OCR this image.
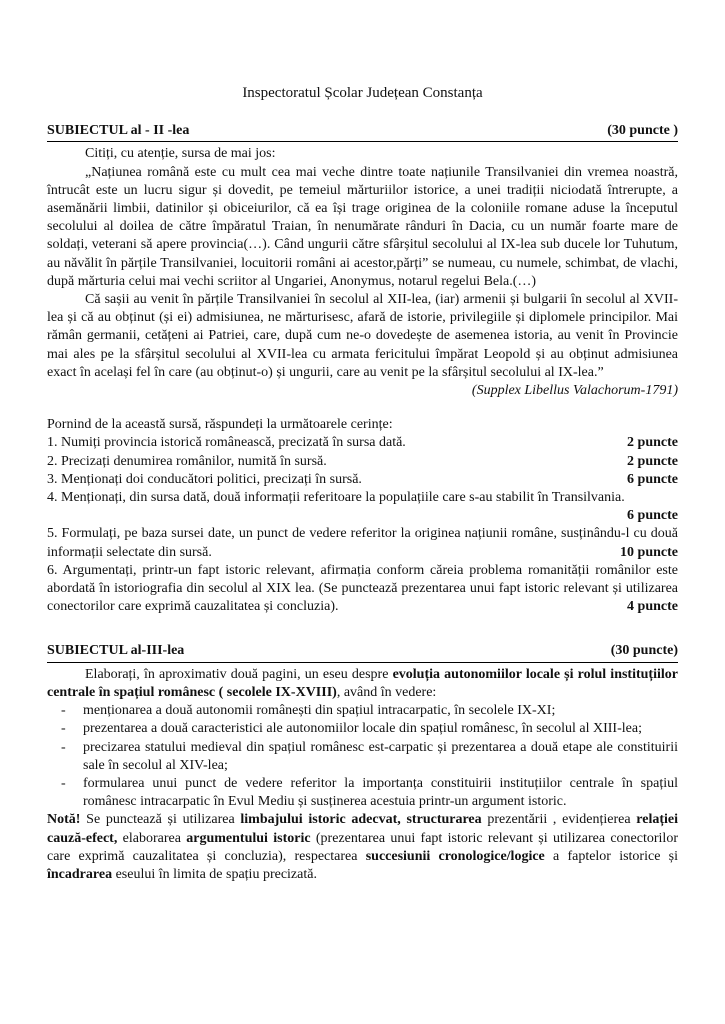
Inspectoratul Școlar Județean Constanța
SUBIECTUL al - II -lea	(30 puncte )

Citiți, cu atenție, sursa de mai jos:

„Națiunea română este cu mult cea mai veche dintre toate națiunile Transilvaniei din vremea noastră, întrucât este un lucru sigur și dovedit, pe temeiul mărturiilor istorice, a unei tradiții niciodată întrerupte, a asemănării limbii, datinilor și obiceiurilor, că ea își trage originea de la coloniile romane aduse la începutul secolului al doilea de către împăratul Traian, în nenumărate rânduri în Dacia, cu un număr foarte mare de soldați, veterani să apere provincia(…). Când ungurii către sfârșitul secolului al IX-lea sub ducele lor Tuhutum, au năvălit în părțile Transilvaniei, locuitorii români ai acestor,părți” se numeau, cu numele, schimbat, de vlachi, după mărturia celui mai vechi scriitor al Ungariei, Anonymus, notarul regelui Bela.(…)

Că sașii au venit în părțile Transilvaniei în secolul al XII-lea, (iar) armenii și bulgarii în secolul al XVII-lea și că au obținut (și ei) admisiunea, ne mărturisesc, afară de istorie, privilegiile și diplomele principilor. Mai rămân germanii, cetățeni ai Patriei, care, după cum ne-o dovedește de asemenea istoria, au venit în Provincie mai ales pe la sfârșitul secolului al XVII-lea cu armata fericitului împărat Leopold și au obținut admisiunea exact în același fel în care (au obținut-o) și ungurii, care au venit pe la sfârșitul secolului al IX-lea.”

(Supplex Libellus Valachorum-1791)

Pornind de la această sursă, răspundeți la următoarele cerințe:

1. Numiți provincia istorică românească, precizată în sursa dată.	2 puncte
2. Precizați denumirea românilor, numită în sursă.	2 puncte
3. Menționați doi conducători politici, precizați în sursă.	6 puncte
4. Menționați, din sursa dată, două informații referitoare la populațiile care s-au stabilit în Transilvania.
6 puncte
5. Formulați, pe baza sursei date, un punct de vedere referitor la originea națiunii române, susținându-l cu două informații selectate din sursă.	10 puncte
6. Argumentați, printr-un fapt istoric relevant, afirmația conform căreia problema romanității românilor este abordată în istoriografia din secolul al XIX lea. (Se punctează prezentarea unui fapt istoric relevant și utilizarea conectorilor care exprimă cauzalitatea și concluzia).	4 puncte
SUBIECTUL al-III-lea	(30 puncte)

Elaborați, în aproximativ două pagini, un eseu despre evoluția autonomiilor locale și rolul instituțiilor centrale în spațiul românesc ( secolele IX-XVIII), având în vedere:

-	menționarea a două autonomii românești din spațiul intracarpatic, în secolele IX-XI;
-	prezentarea a două caracteristici ale autonomiilor locale din spațiul românesc, în secolul al XIII-lea;
-	precizarea statului medieval din spațiul românesc est-carpatic și prezentarea a două etape ale constituirii sale în secolul al XIV-lea;
-	formularea unui punct de vedere referitor la importanța constituirii instituțiilor centrale în spațiul românesc intracarpatic în Evul Mediu și susținerea acestuia printr-un argument istoric.

Notă! Se punctează și utilizarea limbajului istoric adecvat, structurarea prezentării , evidențierea relației cauză-efect, elaborarea argumentului istoric (prezentarea unui fapt istoric relevant și utilizarea conectorilor care exprimă cauzalitatea și concluzia), respectarea succesiunii cronologice/logice a faptelor istorice și încadrarea eseului în limita de spațiu precizată.
